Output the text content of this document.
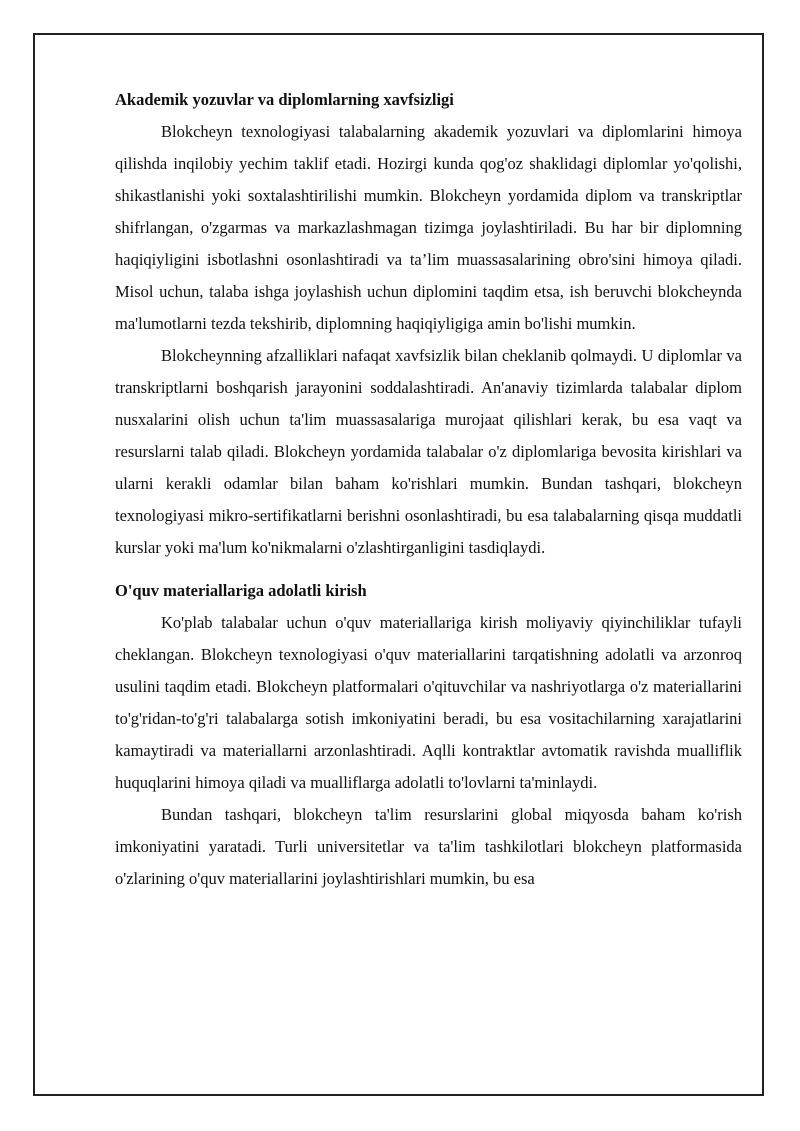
Akademik yozuvlar va diplomlarning xavfsizligi

Blokcheyn texnologiyasi talabalarning akademik yozuvlari va diplomlarini himoya qilishda inqilobiy yechim taklif etadi. Hozirgi kunda qog'oz shaklidagi diplomlar yo'qolishi, shikastlanishi yoki soxtalashtirilishi mumkin. Blokcheyn yordamida diplom va transkriptlar shifrlangan, o'zgarmas va markazlashmagan tizimga joylashtiriladi. Bu har bir diplomning haqiqiyligini isbotlashni osonlashtiradi va ta’lim muassasalarining obro'sini himoya qiladi. Misol uchun, talaba ishga joylashish uchun diplomini taqdim etsa, ish beruvchi blokcheynda ma'lumotlarni tezda tekshirib, diplomning haqiqiyligiga amin bo'lishi mumkin.

Blokcheynning afzalliklari nafaqat xavfsizlik bilan cheklanib qolmaydi. U diplomlar va transkriptlarni boshqarish jarayonini soddalashtiradi. An'anaviy tizimlarda talabalar diplom nusxalarini olish uchun ta'lim muassasalariga murojaat qilishlari kerak, bu esa vaqt va resurslarni talab qiladi. Blokcheyn yordamida talabalar o'z diplomlariga bevosita kirishlari va ularni kerakli odamlar bilan baham ko'rishlari mumkin. Bundan tashqari, blokcheyn texnologiyasi mikro-sertifikatlarni berishni osonlashtiradi, bu esa talabalarning qisqa muddatli kurslar yoki ma'lum ko'nikmalarni o'zlashtirganligini tasdiqlaydi.

O'quv materiallariga adolatli kirish

Ko'plab talabalar uchun o'quv materiallariga kirish moliyaviy qiyinchiliklar tufayli cheklangan. Blokcheyn texnologiyasi o'quv materiallarini tarqatishning adolatli va arzonroq usulini taqdim etadi. Blokcheyn platformalari o'qituvchilar va nashriyotlarga o'z materiallarini to'g'ridan-to'g'ri talabalarga sotish imkoniyatini beradi, bu esa vositachilarning xarajatlarini kamaytiradi va materiallarni arzonlashtiradi. Aqlli kontraktlar avtomatik ravishda mualliflik huquqlarini himoya qiladi va mualliflarga adolatli to'lovlarni ta'minlaydi.

Bundan tashqari, blokcheyn ta'lim resurslarini global miqyosda baham ko'rish imkoniyatini yaratadi. Turli universitetlar va ta'lim tashkilotlari blokcheyn platformasida o'zlarining o'quv materiallarini joylashtirishlari mumkin, bu esa
